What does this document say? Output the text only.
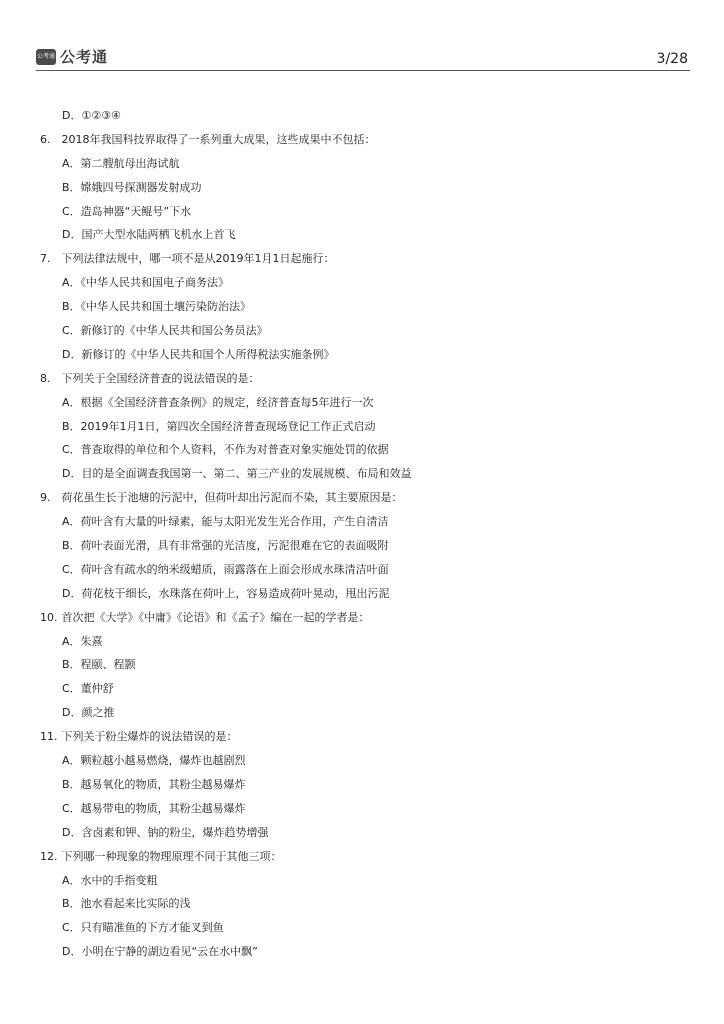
公考通 公考通	3/28
D．①②③④
6. 2018年我国科技界取得了一系列重大成果，这些成果中不包括：
A．第二艘航母出海试航
B．嫦娥四号探测器发射成功
C．造岛神器“天鲲号”下水
D．国产大型水陆两栖飞机水上首飞
7. 下列法律法规中，哪一项不是从2019年1月1日起施行：
A．《中华人民共和国电子商务法》
B．《中华人民共和国土壤污染防治法》
C．新修订的《中华人民共和国公务员法》
D．新修订的《中华人民共和国个人所得税法实施条例》
8. 下列关于全国经济普查的说法错误的是：
A．根据《全国经济普查条例》的规定，经济普查每5年进行一次
B．2019年1月1日，第四次全国经济普查现场登记工作正式启动
C．普查取得的单位和个人资料，不作为对普查对象实施处罚的依据
D．目的是全面调查我国第一、第二、第三产业的发展规模、布局和效益
9. 荷花虽生长于池塘的污泥中，但荷叶却出污泥而不染，其主要原因是：
A．荷叶含有大量的叶绿素，能与太阳光发生光合作用，产生自清洁
B．荷叶表面光滑，具有非常强的光洁度，污泥很难在它的表面吸附
C．荷叶含有疏水的纳米级蜡质，雨露落在上面会形成水珠清洁叶面
D．荷花枝干细长，水珠落在荷叶上，容易造成荷叶晃动，甩出污泥
10. 首次把《大学》《中庸》《论语》和《孟子》编在一起的学者是：
A．朱熹
B．程颐、程颢
C．董仲舒
D．颜之推
11. 下列关于粉尘爆炸的说法错误的是：
A．颗粒越小越易燃烧，爆炸也越剧烈
B．越易氧化的物质，其粉尘越易爆炸
C．越易带电的物质，其粉尘越易爆炸
D．含卤素和钾、钠的粉尘，爆炸趋势增强
12. 下列哪一种现象的物理原理不同于其他三项：
A．水中的手指变粗
B．池水看起来比实际的浅
C．只有瞄准鱼的下方才能叉到鱼
D．小明在宁静的湖边看见“云在水中飘”
